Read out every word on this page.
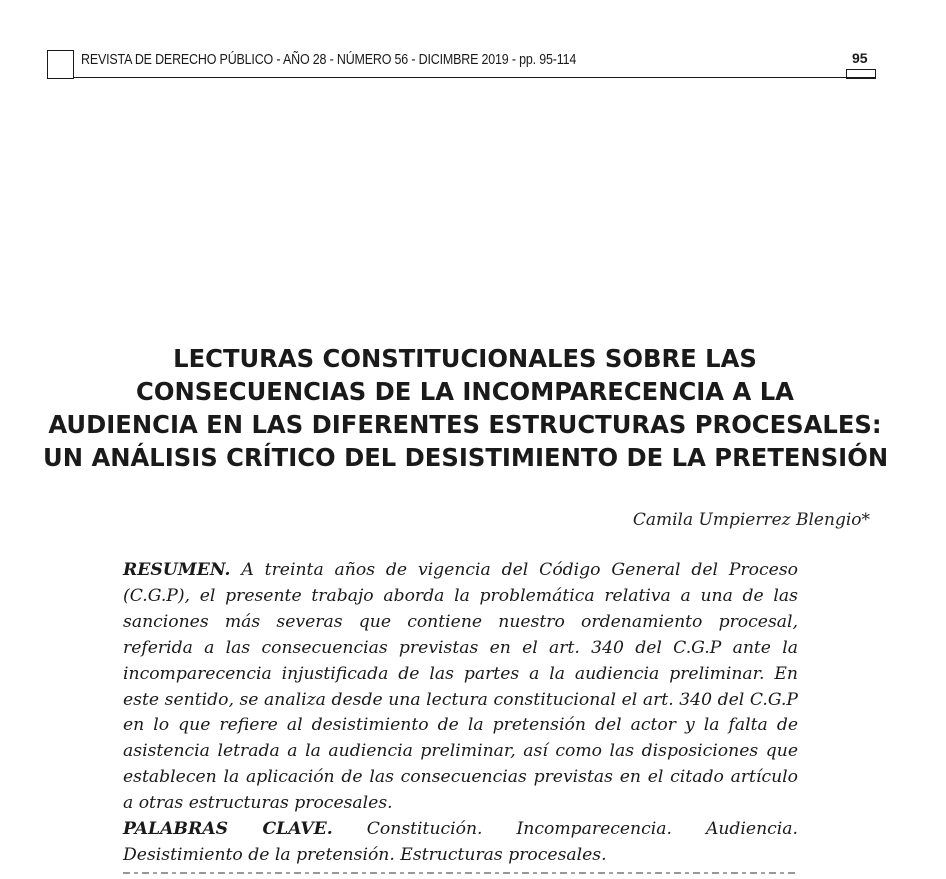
REVISTA DE DERECHO PÚBLICO - AÑO 28 - NÚMERO 56 - DICIMBRE 2019 - pp. 95-114	95
LECTURAS CONSTITUCIONALES SOBRE LAS
CONSECUENCIAS DE LA INCOMPARECENCIA A LA
AUDIENCIA EN LAS DIFERENTES ESTRUCTURAS PROCESALES:
UN ANÁLISIS CRÍTICO DEL DESISTIMIENTO DE LA PRETENSIÓN
Camila Umpierrez Blengio*

RESUMEN. A treinta años de vigencia del Código General del Proceso (C.G.P), el presente trabajo aborda la problemática relativa a una de las sanciones más severas que contiene nuestro ordenamiento procesal, referida a las consecuencias previstas en el art. 340 del C.G.P ante la incomparecencia injustificada de las partes a la audiencia preliminar. En este sentido, se analiza desde una lectura constitucional el art. 340 del C.G.P en lo que refiere al desistimiento de la pretensión del actor y la falta de asistencia letrada a la audiencia preliminar, así como las disposiciones que establecen la aplicación de las consecuencias previstas en el citado artículo a otras estructuras procesales.

PALABRAS CLAVE. Constitución. Incomparecencia. Audiencia. Desistimiento de la pretensión. Estructuras procesales.
